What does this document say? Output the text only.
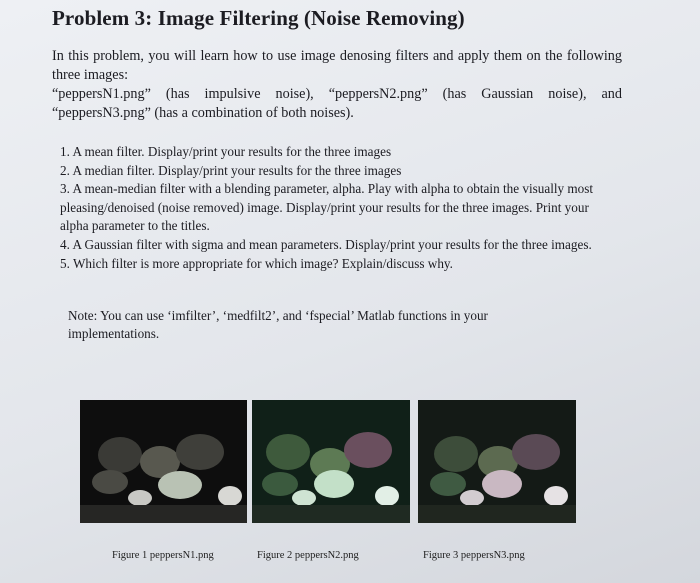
Problem 3: Image Filtering (Noise Removing)

In this problem, you will learn how to use image denosing filters and apply them on the following three images:

“peppersN1.png” (has impulsive noise), “peppersN2.png” (has Gaussian noise), and “peppersN3.png” (has a combination of both noises).

1. A mean filter. Display/print your results for the three images

2. A median filter. Display/print your results for the three images

3. A mean-median filter with a blending parameter, alpha. Play with alpha to obtain the visually most pleasing/denoised (noise removed) image. Display/print your results for the three images. Print your alpha parameter to the titles.

4. A Gaussian filter with sigma and mean parameters. Display/print your results for the three images.

5. Which filter is more appropriate for which image? Explain/discuss why.

Note: You can use ‘imfilter’, ‘medfilt2’, and ‘fspecial’ Matlab functions in your implementations.
Figure 1 peppersN1.png	Figure 2 peppersN2.png	Figure 3 peppersN3.png
